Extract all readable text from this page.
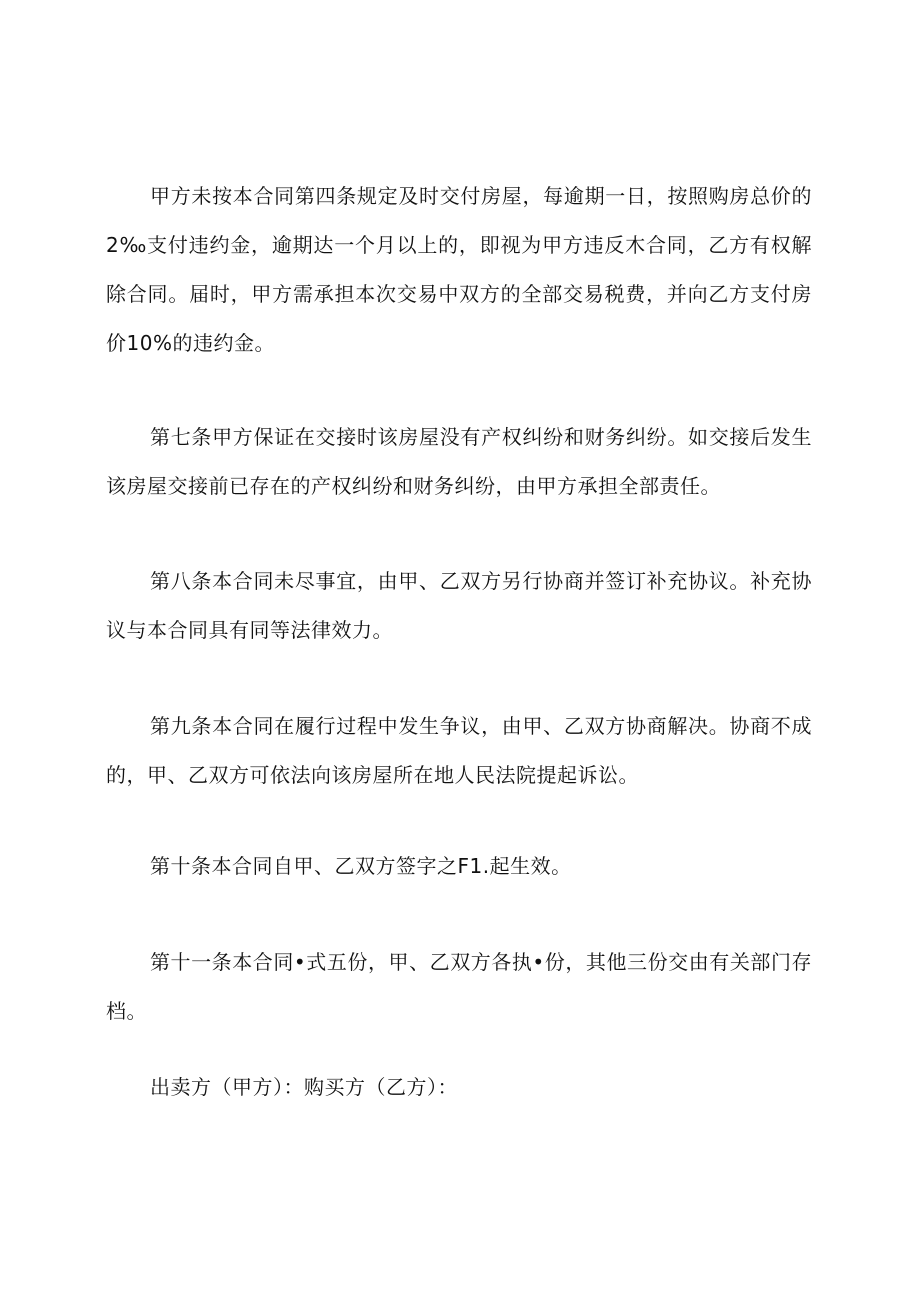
甲方未按本合同第四条规定及时交付房屋，每逾期一日，按照购房总价的2‰支付违约金，逾期达一个月以上的，即视为甲方违反木合同，乙方有权解除合同。届时，甲方需承担本次交易中双方的全部交易税费，并向乙方支付房价10%的违约金。

第七条甲方保证在交接时该房屋没有产权纠纷和财务纠纷。如交接后发生该房屋交接前已存在的产权纠纷和财务纠纷，由甲方承担全部责任。

第八条本合同未尽事宜，由甲、乙双方另行协商并签订补充协议。补充协议与本合同具有同等法律效力。

第九条本合同在履行过程中发生争议，由甲、乙双方协商解决。协商不成的，甲、乙双方可依法向该房屋所在地人民法院提起诉讼。

第十条本合同自甲、乙双方签字之F1.起生效。

第十一条本合同•式五份，甲、乙双方各执•份，其他三份交由有关部门存档。

出卖方（甲方）：购买方（乙方）：
